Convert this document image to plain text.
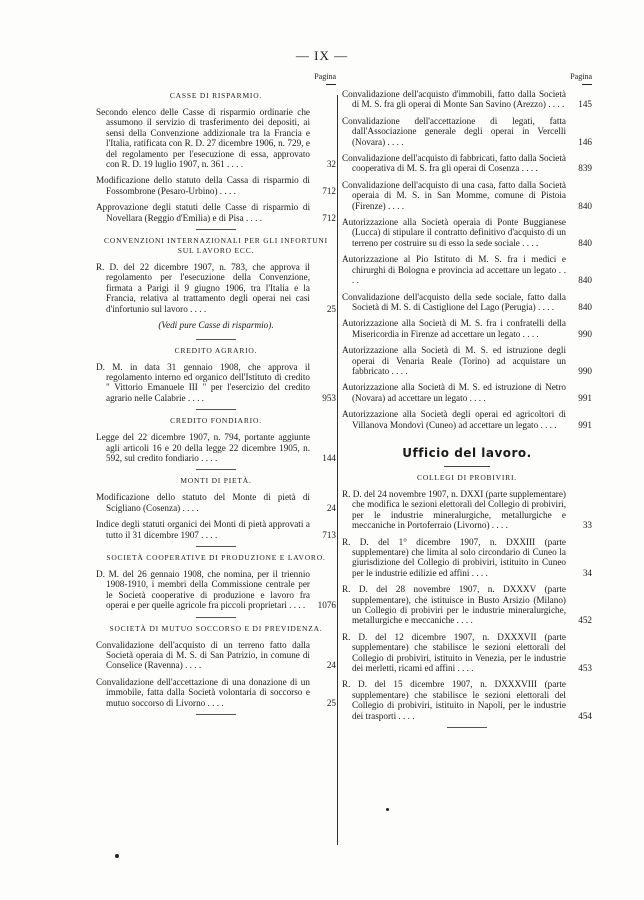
— IX —
Pagina
CASSE DI RISPARMIO.
Secondo elenco delle Casse di risparmio ordinarie che assumono il servizio di trasferimento dei depositi, ai sensi della Convenzione addizionale tra la Francia e l'Italia, ratificata con R. D. 27 dicembre 1906, n. 729, e del regolamento per l'esecuzione di essa, approvato con R. D. 19 luglio 1907, n. 361 . . . .	32
Modificazione dello statuto della Cassa di risparmio di Fossombrone (Pesaro-Urbino) . . . .	712
Approvazione degli statuti delle Casse di risparmio di Novellara (Reggio d'Emilia) e di Pisa . . . .	712
CONVENZIONI INTERNAZIONALI PER GLI INFORTUNI SUL LAVORO ECC.
R. D. del 22 dicembre 1907, n. 783, che approva il regolamento per l'esecuzione della Convenzione, firmata a Parigi il 9 giugno 1906, tra l'Italia e la Francia, relativa al trattamento degli operai nei casi d'infortunio sul lavoro . . . .	25
(Vedi pure Casse di risparmio).
CREDITO AGRARIO.
D. M. in data 31 gennaio 1908, che approva il regolamento interno ed organico dell'Istituto di credito " Vittorio Emanuele III " per l'esercizio del credito agrario nelle Calabrie . . . .	953
CREDITO FONDIARIO.
Legge del 22 dicembre 1907, n. 794, portante aggiunte agli articoli 16 e 20 della legge 22 dicembre 1905, n. 592, sul credito fondiario . . . .	144
MONTI DI PIETÀ.
Modificazione dello statuto del Monte di pietà di Scigliano (Cosenza) . . . .	24
Indice degli statuti organici dei Monti di pietà approvati a tutto il 31 dicembre 1907 . . . .	713
SOCIETÀ COOPERATIVE DI PRODUZIONE E LAVORO.
D. M. del 26 gennaio 1908, che nomina, per il triennio 1908-1910, i membri della Commissione centrale per le Società cooperative di produzione e lavoro fra operai e per quelle agricole fra piccoli proprietari . . . .	1076
SOCIETÀ DI MUTUO SOCCORSO E DI PREVIDENZA.
Convalidazione dell'acquisto di un terreno fatto dalla Società operaia di M. S. di San Patrizio, in comune di Conselice (Ravenna) . . . .	24
Convalidazione dell'accettazione di una donazione di un immobile, fatta dalla Società volontaria di soccorso e mutuo soccorso di Livorno . . . .	25
Pagina
Convalidazione dell'acquisto d'immobili, fatto dalla Società di M. S. fra gli operai di Monte San Savino (Arezzo) . . . .	145
Convalidazione dell'accettazione di legati, fatta dall'Associazione generale degli operai in Vercelli (Novara) . . . .	146
Convalidazione dell'acquisto di fabbricati, fatto dalla Società cooperativa di M. S. fra gli operai di Cosenza . . . .	839
Convalidazione dell'acquisto di una casa, fatto dalla Società operaia di M. S. in San Momme, comune di Pistoia (Firenze) . . . .	840
Autorizzazione alla Società operaia di Ponte Buggianese (Lucca) di stipulare il contratto definitivo d'acquisto di un terreno per costruire su di esso la sede sociale . . . .	840
Autorizzazione al Pio Istituto di M. S. fra i medici e chirurghi di Bologna e provincia ad accettare un legato . . . .	840
Convalidazione dell'acquisto della sede sociale, fatto dalla Società di M. S. di Castiglione del Lago (Perugia) . . . .	840
Autorizzazione alla Società di M. S. fra i confratelli della Misericordia in Firenze ad accettare un legato . . . .	990
Autorizzazione alla Società di M. S. ed istruzione degli operai di Venaria Reale (Torino) ad acquistare un fabbricato . . . .	990
Autorizzazione alla Società di M. S. ed istruzione di Netro (Novara) ad accettare un legato . . . .	991
Autorizzazione alla Società degli operai ed agricoltori di Villanova Mondovì (Cuneo) ad accettare un legato . . . .	991
Ufficio del lavoro.
COLLEGI DI PROBIVIRI.
R. D. del 24 novembre 1907, n. DXXI (parte supplementare) che modifica le sezioni elettorali del Collegio di probiviri, per le industrie mineralurgiche, metallurgiche e meccaniche in Portoferraio (Livorno) . . . .	33
R. D. del 1° dicembre 1907, n. DXXIII (parte supplementare) che limita al solo circondario di Cuneo la giurisdizione del Collegio di probiviri, istituito in Cuneo per le industrie edilizie ed affini . . . .	34
R. D. del 28 novembre 1907, n. DXXXV (parte supplementare), che istituisce in Busto Arsizio (Milano) un Collegio di probiviri per le industrie mineralurgiche, metallurgiche e meccaniche . . . .	452
R. D. del 12 dicembre 1907, n. DXXXVII (parte supplementare) che stabilisce le sezioni elettorali del Collegio di probiviri, istituito in Venezia, per le industrie dei merletti, ricami ed affini . . . .	453
R. D. del 15 dicembre 1907, n. DXXXVIII (parte supplementare) che stabilisce le sezioni elettorali del Collegio di probiviri, istituito in Napoli, per le industrie dei trasporti . . . .	454
